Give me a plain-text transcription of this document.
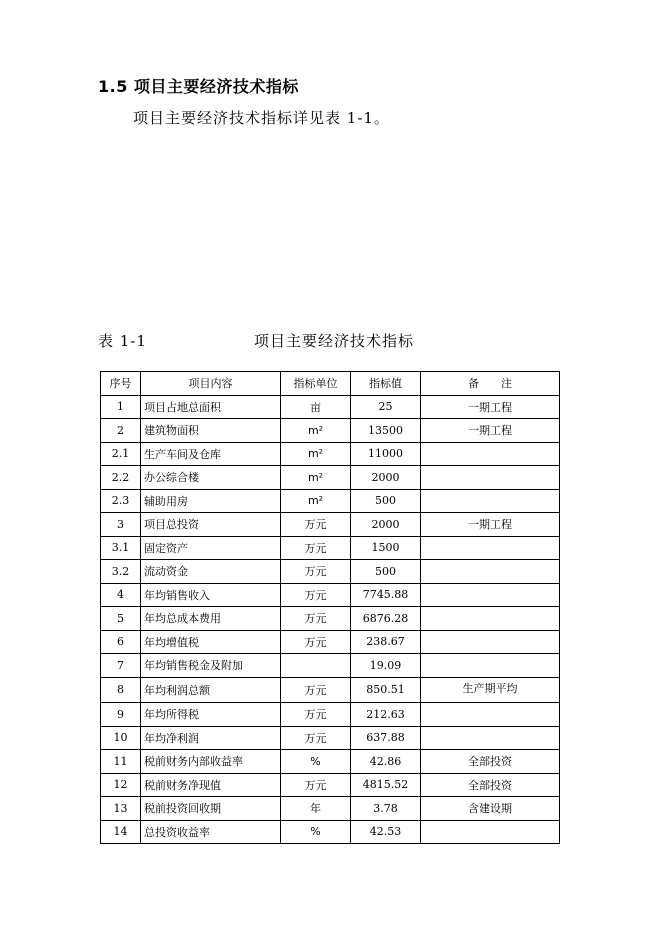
1.5 项目主要经济技术指标
项目主要经济技术指标详见表 1-1。
表 1-1	项目主要经济技术指标
序号	项目内容	指标单位	指标值	备　　注
1	项目占地总面积	亩	25	一期工程
2	建筑物面积	m²	13500	一期工程
2.1	生产车间及仓库	m²	11000	
2.2	办公综合楼	m²	2000	
2.3	辅助用房	m²	500	
3	项目总投资	万元	2000	一期工程
3.1	固定资产	万元	1500	
3.2	流动资金	万元	500	
4	年均销售收入	万元	7745.88	
5	年均总成本费用	万元	6876.28	
6	年均增值税	万元	238.67	
7	年均销售税金及附加		19.09	
8	年均利润总额	万元	850.51	生产期平均
9	年均所得税	万元	212.63	
10	年均净利润	万元	637.88	
11	税前财务内部收益率	%	42.86	全部投资
12	税前财务净现值	万元	4815.52	全部投资
13	税前投资回收期	年	3.78	含建设期
14	总投资收益率	%	42.53	
